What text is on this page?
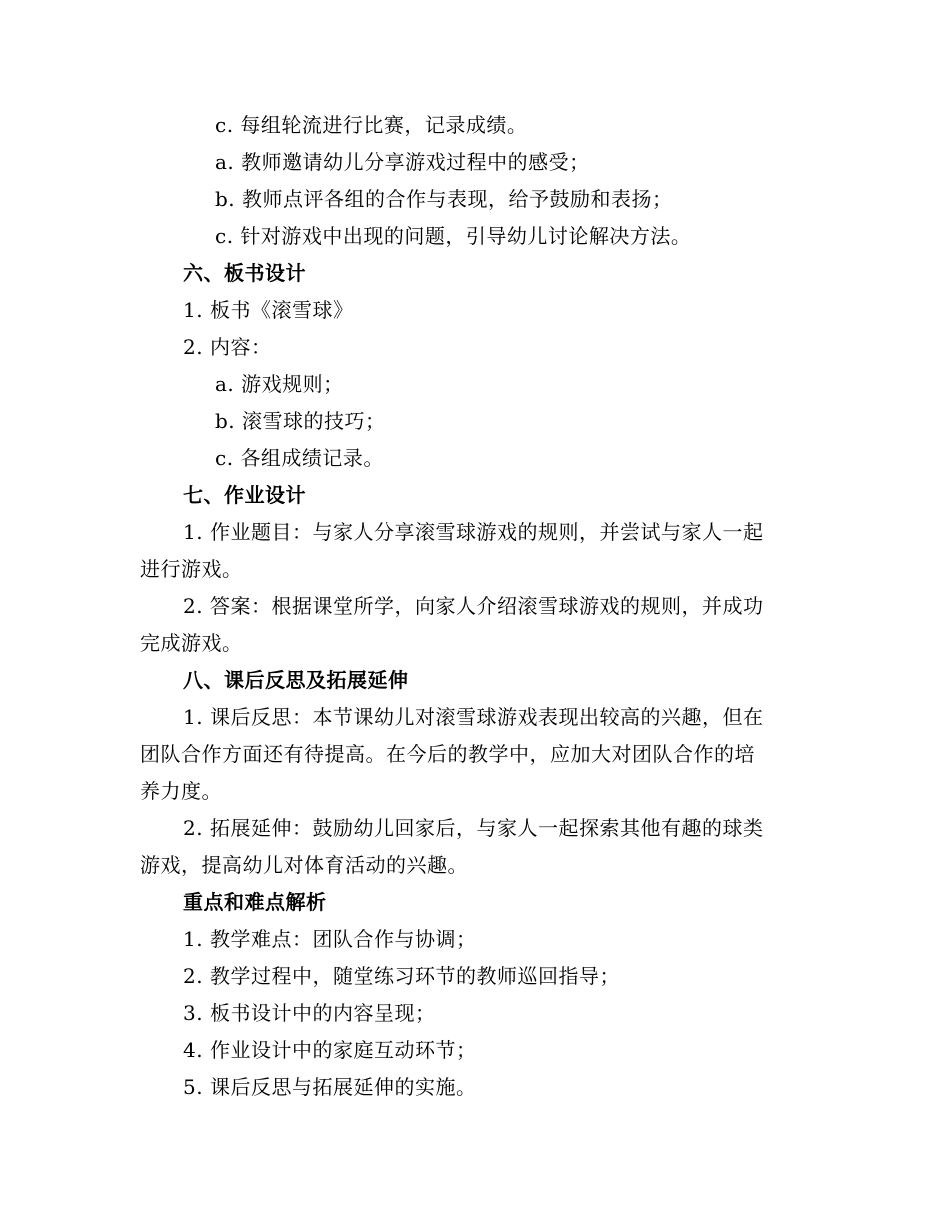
c. 每组轮流进行比赛，记录成绩。
a. 教师邀请幼儿分享游戏过程中的感受；
b. 教师点评各组的合作与表现，给予鼓励和表扬；
c. 针对游戏中出现的问题，引导幼儿讨论解决方法。
六、板书设计
1. 板书《滚雪球》
2. 内容：
a. 游戏规则；
b. 滚雪球的技巧；
c. 各组成绩记录。
七、作业设计
1. 作业题目：与家人分享滚雪球游戏的规则，并尝试与家人一起
进行游戏。
2. 答案：根据课堂所学，向家人介绍滚雪球游戏的规则，并成功
完成游戏。
八、课后反思及拓展延伸
1. 课后反思：本节课幼儿对滚雪球游戏表现出较高的兴趣，但在
团队合作方面还有待提高。在今后的教学中，应加大对团队合作的培
养力度。
2. 拓展延伸：鼓励幼儿回家后，与家人一起探索其他有趣的球类
游戏，提高幼儿对体育活动的兴趣。
重点和难点解析
1. 教学难点：团队合作与协调；
2. 教学过程中，随堂练习环节的教师巡回指导；
3. 板书设计中的内容呈现；
4. 作业设计中的家庭互动环节；
5. 课后反思与拓展延伸的实施。
